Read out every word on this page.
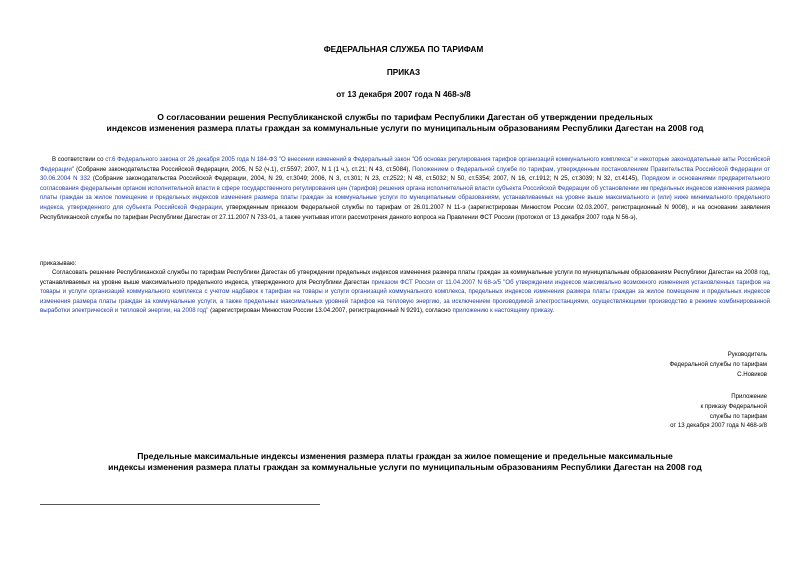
ФЕДЕРАЛЬНАЯ СЛУЖБА ПО ТАРИФАМ
ПРИКАЗ
от 13 декабря 2007 года N 468-э/8
О согласовании решения Республиканской службы по тарифам Республики Дагестан об утверждении предельных
индексов изменения размера платы граждан за коммунальные услуги по муниципальным образованиям Республики Дагестан на 2008 год
В соответствии со ст.6 Федерального закона от 26 декабря 2005 года N 184-ФЗ "О внесении изменений в Федеральный закон "Об основах регулирования тарифов организаций коммунального комплекса" и некоторые законодательные акты Российской Федерации" (Собрание законодательства Российской Федерации, 2005, N 52 (ч.1), ст.5597; 2007, N 1 (1 ч.), ст.21; N 43, ст.5084), Положением о Федеральной службе по тарифам, утвержденным постановлением Правительства Российской Федерации от 30.06.2004 N 332 (Собрание законодательства Российской Федерации, 2004, N 29, ст.3049; 2006, N 3, ст.301; N 23, ст.2522; N 48, ст.5032; N 50, ст.5354; 2007, N 16, ст.1912; N 25, ст.3039; N 32, ст.4145), Порядком и основаниями предварительного согласования федеральным органом исполнительной власти в сфере государственного регулирования цен (тарифов) решения органа исполнительной власти субъекта Российской Федерации об установлении им предельных индексов изменения размера платы граждан за жилое помещение и предельных индексов изменения размера платы граждан за коммунальные услуги по муниципальным образованиям, устанавливаемых на уровне выше максимального и (или) ниже минимального предельного индекса, утвержденного для субъекта Российской Федерации, утвержденным приказом Федеральной службы по тарифам от 26.01.2007 N 11-э (зарегистрирован Минюстом России 02.03.2007, регистрационный N 9008), и на основании заявления Республиканской службы по тарифам Республики Дагестан от 27.11.2007 N 733-01, а также учитывая итоги рассмотрения данного вопроса на Правлении ФСТ России (протокол от 13 декабря 2007 года N 56-э),
приказываю:
Согласовать решение Республиканской службы по тарифам Республики Дагестан об утверждении предельных индексов изменения размера платы граждан за коммунальные услуги по муниципальным образованиям Республики Дагестан на 2008 год, устанавливаемых на уровне выше максимального предельного индекса, утвержденного для Республики Дагестан приказом ФСТ России от 11.04.2007 N 68-э/5 "Об утверждении индексов максимально возможного изменения установленных тарифов на товары и услуги организаций коммунального комплекса с учетом надбавок к тарифам на товары и услуги организаций коммунального комплекса, предельных индексов изменения размера платы граждан за жилое помещение и предельных индексов изменения размера платы граждан за коммунальные услуги, а также предельных максимальных уровней тарифов на тепловую энергию, за исключением производимой электростанциями, осуществляющими производство в режиме комбинированной выработки электрической и тепловой энергии, на 2008 год" (зарегистрирован Минюстом России 13.04.2007, регистрационный N 9291), согласно приложению к настоящему приказу.
Руководитель
Федеральной службы по тарифам
С.Новиков
Приложение
к приказу Федеральной
службы по тарифам
от 13 декабря 2007 года N 468-э/8
Предельные максимальные индексы изменения размера платы граждан за жилое помещение и предельные максимальные
индексы изменения размера платы граждан за коммунальные услуги по муниципальным образованиям Республики Дагестан на 2008 год
